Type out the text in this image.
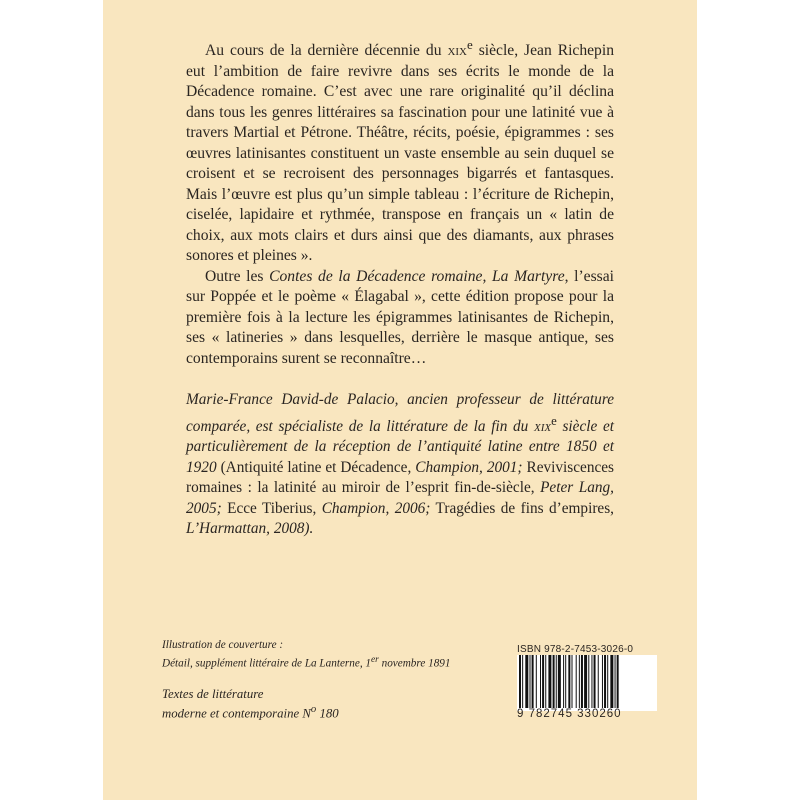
Au cours de la dernière décennie du xix$^e$ siècle, Jean Richepin eut l’ambition de faire revivre dans ses écrits le monde de la Décadence romaine. C’est avec une rare originalité qu’il déclina dans tous les genres littéraires sa fascination pour une latinité vue à travers Martial et Pétrone. Théâtre, récits, poésie, épigrammes : ses œuvres latinisantes constituent un vaste ensemble au sein duquel se croisent et se recroisent des personnages bigarrés et fantasques. Mais l’œuvre est plus qu’un simple tableau : l’écriture de Richepin, ciselée, lapidaire et rythmée, transpose en français un « latin de choix, aux mots clairs et durs ainsi que des diamants, aux phrases sonores et pleines ».

Outre les Contes de la Décadence romaine, La Martyre, l’essai sur Poppée et le poème « Élagabal », cette édition propose pour la première fois à la lecture les épigrammes latinisantes de Richepin, ses « latineries » dans lesquelles, derrière le masque antique, ses contemporains surent se reconnaître…

Marie-France David-de Palacio, ancien professeur de littérature comparée, est spécialiste de la littérature de la fin du xix$^e$ siècle et particulièrement de la réception de l’antiquité latine entre 1850 et 1920 (Antiquité latine et Décadence, Champion, 2001; Reviviscences romaines : la latinité au miroir de l’esprit fin-de-siècle, Peter Lang, 2005; Ecce Tiberius, Champion, 2006; Tragédies de fins d’empires, L’Harmattan, 2008).

Illustration de couverture :
Détail, supplément littéraire de La Lanterne, 1er novembre 1891
Textes de littérature
moderne et contemporaine $N^o$ 180
ISBN 978-2-7453-3026-0
9 782745 330260
